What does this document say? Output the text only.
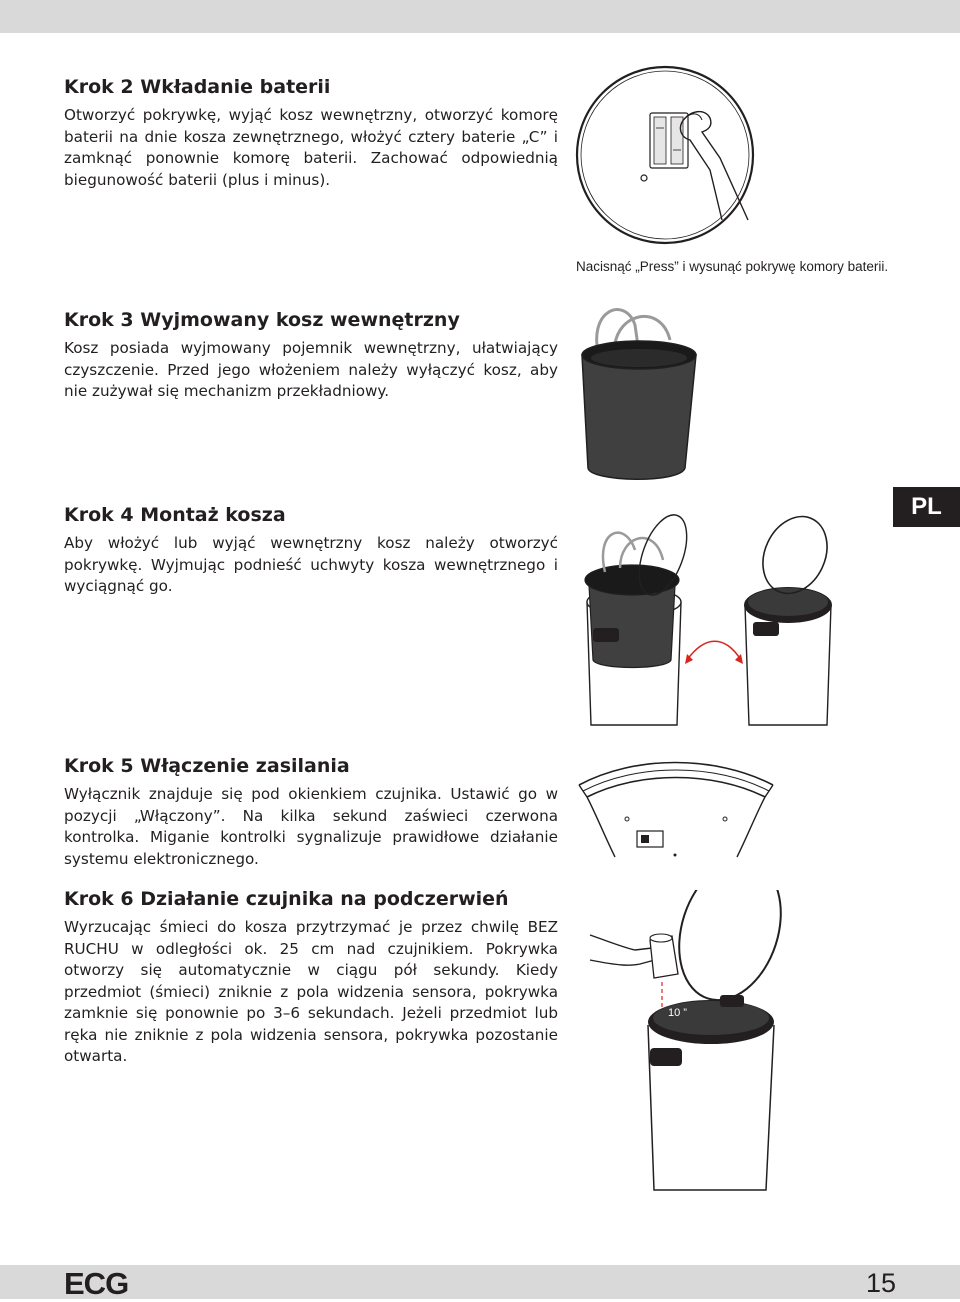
Krok 2 Wkładanie baterii

Otworzyć pokrywkę, wyjąć kosz wewnętrzny, otworzyć komorę baterii na dnie kosza zewnętrznego, włożyć cztery baterie „C” i zamknąć ponownie komorę baterii. Zachować odpowiednią biegunowość baterii (plus i minus).

Krok 3 Wyjmowany kosz wewnętrzny

Kosz posiada wyjmowany pojemnik wewnętrzny, ułatwiający czyszczenie. Przed jego włożeniem należy wyłączyć kosz, aby nie zużywał się mechanizm przekładniowy.

Krok 4 Montaż kosza

Aby włożyć lub wyjąć wewnętrzny kosz należy otworzyć pokrywkę. Wyjmując podnieść uchwyty kosza wewnętrznego i wyciągnąć go.

Krok 5 Włączenie zasilania

Wyłącznik znajduje się pod okienkiem czujnika. Ustawić go w pozycji „Włączony”. Na kilka sekund zaświeci czerwona kontrolka. Miganie kontrolki sygnalizuje prawidłowe działanie systemu elektronicznego.

Krok 6 Działanie czujnika na podczerwień

Wyrzucając śmieci do kosza przytrzymać je przez chwilę BEZ RUCHU w odległości ok. 25 cm nad czujnikiem. Pokrywka otworzy się automatycznie w ciągu pół sekundy. Kiedy przedmiot (śmieci) zniknie z pola widzenia sensora, pokrywka zamknie się ponownie po 3–6 sekundach. Jeżeli przedmiot lub ręka nie zniknie z pola widzenia sensora, pokrywka pozostanie otwarta.

Nacisnąć „Press” i wysunąć pokrywę komory baterii.
PL
10 ”
ECG	15
